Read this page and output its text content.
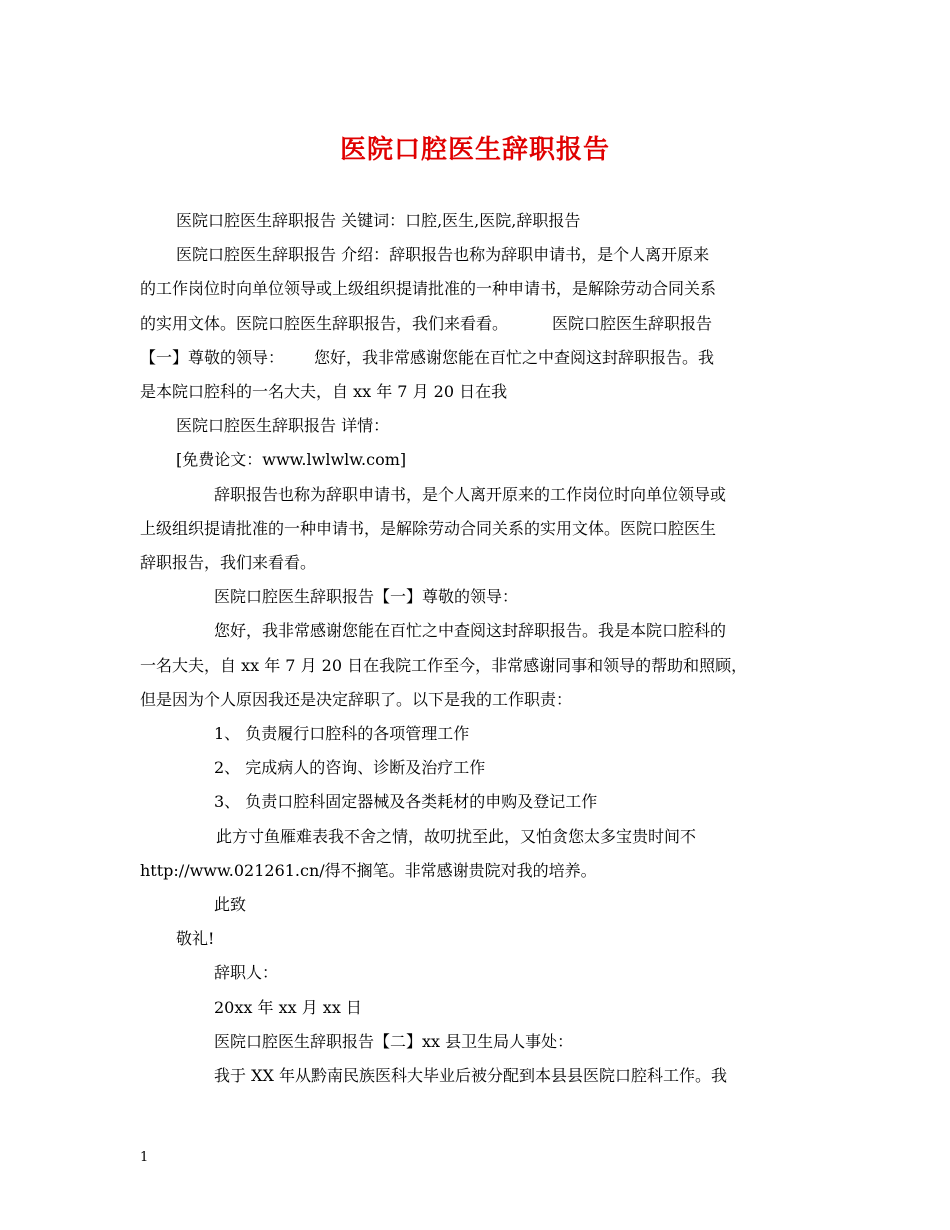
医院口腔医生辞职报告

医院口腔医生辞职报告 关键词：口腔,医生,医院,辞职报告

医院口腔医生辞职报告 介绍：辞职报告也称为辞职申请书，是个人离开原来

的工作岗位时向单位领导或上级组织提请批准的一种申请书，是解除劳动合同关系

的实用文体。医院口腔医生辞职报告，我们来看看。	医院口腔医生辞职报告

【一】尊敬的领导： 您好，我非常感谢您能在百忙之中查阅这封辞职报告。我

是本院口腔科的一名大夫，自 xx 年 7 月 20 日在我

医院口腔医生辞职报告 详情：

[免费论文：www.lwlwlw.com]

辞职报告也称为辞职申请书，是个人离开原来的工作岗位时向单位领导或

上级组织提请批准的一种申请书，是解除劳动合同关系的实用文体。医院口腔医生

辞职报告，我们来看看。

医院口腔医生辞职报告【一】尊敬的领导：

您好，我非常感谢您能在百忙之中查阅这封辞职报告。我是本院口腔科的

一名大夫，自 xx 年 7 月 20 日在我院工作至今，非常感谢同事和领导的帮助和照顾，

但是因为个人原因我还是决定辞职了。以下是我的工作职责：

1、 负责履行口腔科的各项管理工作

2、 完成病人的咨询、诊断及治疗工作

3、 负责口腔科固定器械及各类耗材的申购及登记工作

此方寸鱼雁难表我不舍之情，故叨扰至此，又怕贪您太多宝贵时间不

http://www.021261.cn/得不搁笔。非常感谢贵院对我的培养。

此致

敬礼!

辞职人：

20xx 年 xx 月 xx 日

医院口腔医生辞职报告【二】xx 县卫生局人事处：

我于 XX 年从黔南民族医科大毕业后被分配到本县县医院口腔科工作。我

1
